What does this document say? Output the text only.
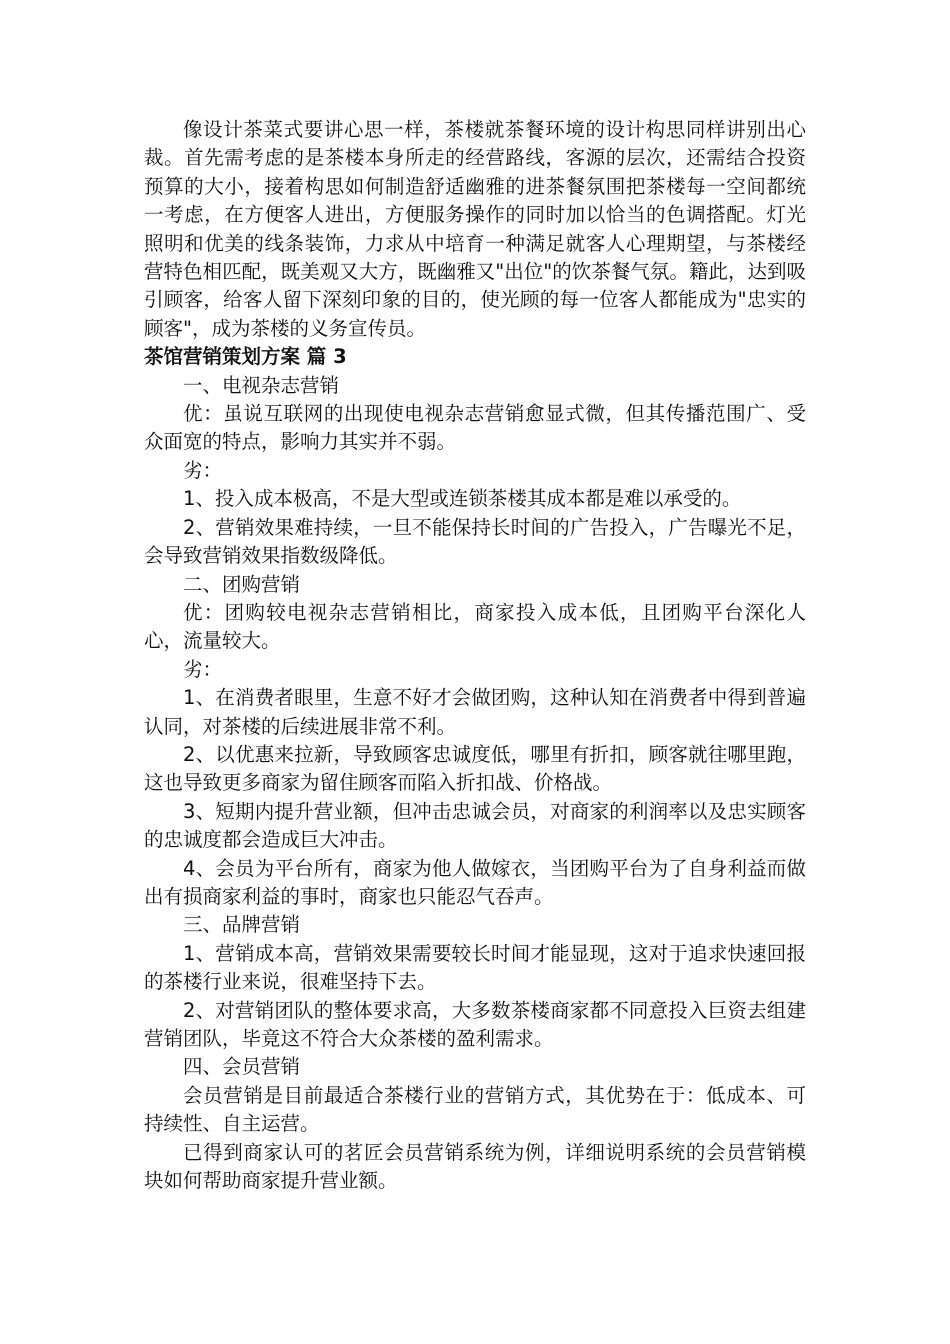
像设计茶菜式要讲心思一样，茶楼就茶餐环境的设计构思同样讲别出心裁。首先需考虑的是茶楼本身所走的经营路线，客源的层次，还需结合投资预算的大小，接着构思如何制造舒适幽雅的进茶餐氛围把茶楼每一空间都统一考虑，在方便客人进出，方便服务操作的同时加以恰当的色调搭配。灯光照明和优美的线条装饰，力求从中培育一种满足就客人心理期望，与茶楼经营特色相匹配，既美观又大方，既幽雅又"出位"的饮茶餐气氛。籍此，达到吸引顾客，给客人留下深刻印象的目的，使光顾的每一位客人都能成为"忠实的顾客"，成为茶楼的义务宣传员。

茶馆营销策划方案 篇 3

一、电视杂志营销

优：虽说互联网的出现使电视杂志营销愈显式微，但其传播范围广、受众面宽的特点，影响力其实并不弱。

劣：

1、投入成本极高，不是大型或连锁茶楼其成本都是难以承受的。

2、营销效果难持续，一旦不能保持长时间的广告投入，广告曝光不足，会导致营销效果指数级降低。

二、团购营销

优：团购较电视杂志营销相比，商家投入成本低，且团购平台深化人心，流量较大。

劣：

1、在消费者眼里，生意不好才会做团购，这种认知在消费者中得到普遍认同，对茶楼的后续进展非常不利。

2、以优惠来拉新，导致顾客忠诚度低，哪里有折扣，顾客就往哪里跑，这也导致更多商家为留住顾客而陷入折扣战、价格战。

3、短期内提升营业额，但冲击忠诚会员，对商家的利润率以及忠实顾客的忠诚度都会造成巨大冲击。

4、会员为平台所有，商家为他人做嫁衣，当团购平台为了自身利益而做出有损商家利益的事时，商家也只能忍气吞声。

三、品牌营销

1、营销成本高，营销效果需要较长时间才能显现，这对于追求快速回报的茶楼行业来说，很难坚持下去。

2、对营销团队的整体要求高，大多数茶楼商家都不同意投入巨资去组建营销团队，毕竟这不符合大众茶楼的盈利需求。

四、会员营销

会员营销是目前最适合茶楼行业的营销方式，其优势在于：低成本、可持续性、自主运营。

已得到商家认可的茗匠会员营销系统为例，详细说明系统的会员营销模块如何帮助商家提升营业额。
